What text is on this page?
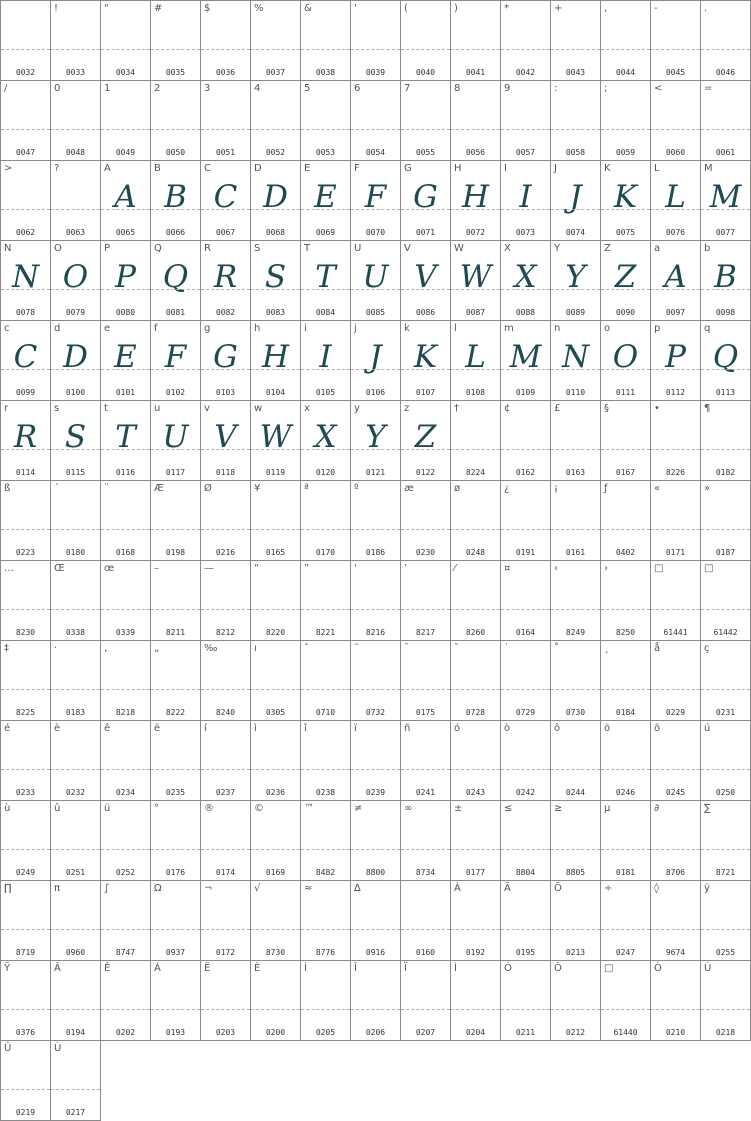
0032
!
0033
"
0034
#
0035
$
0036
%
0037
&
0038
'
0039
(
0040
)
0041
*
0042
+
0043
,
0044
-
0045
.
0046
/
0047
0
0048
1
0049
2
0050
3
0051
4
0052
5
0053
6
0054
7
0055
8
0056
9
0057
:
0058
;
0059
<
0060
=
0061
>
0062
?
0063
A
A
0065
B
B
0066
C
C
0067
D
D
0068
E
E
0069
F
F
0070
G
G
0071
H
H
0072
I
I
0073
J
J
0074
K
K
0075
L
L
0076
M
M
0077
N
N
0078
O
O
0079
P
P
0080
Q
Q
0081
R
R
0082
S
S
0083
T
T
0084
U
U
0085
V
V
0086
W
W
0087
X
X
0088
Y
Y
0089
Z
Z
0090
a
A
0097
b
B
0098
c
C
0099
d
D
0100
e
E
0101
f
F
0102
g
G
0103
h
H
0104
i
I
0105
j
J
0106
k
K
0107
l
L
0108
m
M
0109
n
N
0110
o
O
0111
p
P
0112
q
Q
0113
r
R
0114
s
S
0115
t
T
0116
u
U
0117
v
V
0118
w
W
0119
x
X
0120
y
Y
0121
z
Z
0122
†
8224
¢
0162
£
0163
§
0167
•
8226
¶
0182
ß
0223
´
0180
¨
0168
Æ
0198
Ø
0216
¥
0165
ª
0170
º
0186
æ
0230
ø
0248
¿
0191
¡
0161
ƒ
0402
«
0171
»
0187
…
8230
Œ
0338
œ
0339
–
8211
—
8212
“
8220
”
8221
‘
8216
’
8217
⁄
8260
¤
0164
‹
8249
›
8250
□
61441
□
61442
‡
8225
·
0183
‚
8218
„
8222
‰
8240
ı
0305
ˆ
0710
˜
0732
¯
0175
˘
0728
˙
0729
˚
0730
¸
0184
å
0229
ç
0231
é
0233
è
0232
ê
0234
ë
0235
í
0237
ì
0236
î
0238
ï
0239
ñ
0241
ó
0243
ò
0242
ô
0244
ö
0246
õ
0245
ú
0250
ù
0249
û
0251
ü
0252
°
0176
®
0174
©
0169
™
8482
≠
8800
∞
8734
±
0177
≤
8804
≥
8805
µ
0181
∂
8706
∑
8721
∏
8719
π
0960
∫
8747
Ω
0937
¬
0172
√
8730
≈
8776
∆
0916	0160
À
0192
Ã
0195
Õ
0213
÷
0247
◊
9674
ÿ
0255
Ÿ
0376
Â
0194
Ê
0202
Á
0193
Ë
0203
È
0200
Í
0205
Î
0206
Ï
0207
Ì
0204
Ó
0211
Ô
0212
□
61440
Ò
0210
Ú
0218
Û
0219
Ù
0217
